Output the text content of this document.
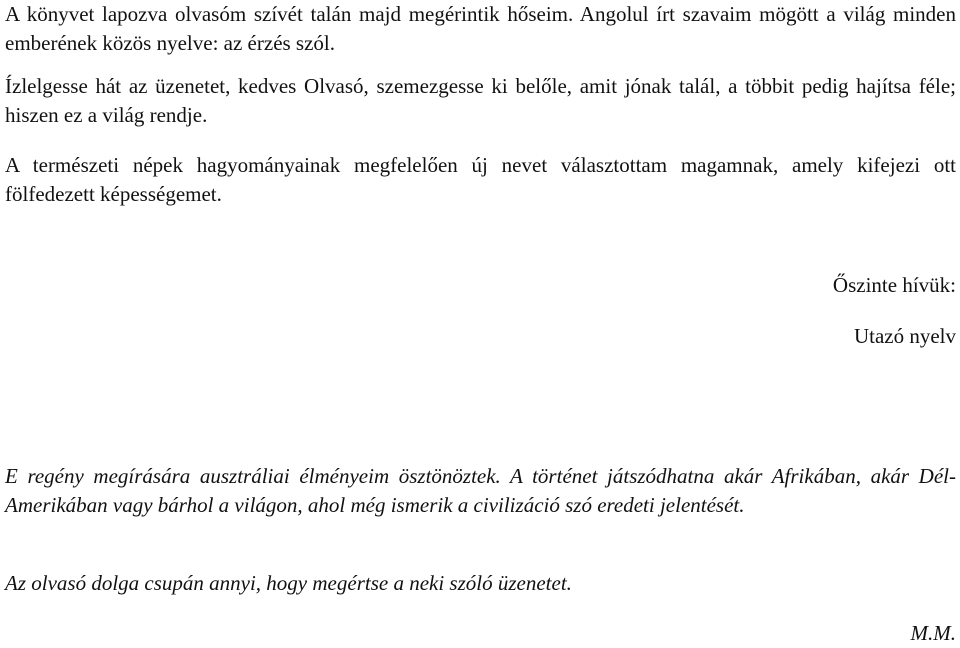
A könyvet lapozva olvasóm szívét talán majd megérintik hőseim. Angolul írt szavaim mögött a világ minden emberének közös nyelve: az érzés szól.

Ízlelgesse hát az üzenetet, kedves Olvasó, szemezgesse ki belőle, amit jónak talál, a többit pedig hajítsa féle; hiszen ez a világ rendje.

A természeti népek hagyományainak megfelelően új nevet választottam magamnak, amely kifejezi ott fölfedezett képességemet.

Őszinte hívük:
Utazó nyelv

E regény megírására ausztráliai élményeim ösztönöztek. A történet játszódhatna akár Afrikában, akár Dél-Amerikában vagy bárhol a világon, ahol még ismerik a civilizáció szó eredeti jelentését.

Az olvasó dolga csupán annyi, hogy megértse a neki szóló üzenetet.

M.M.
